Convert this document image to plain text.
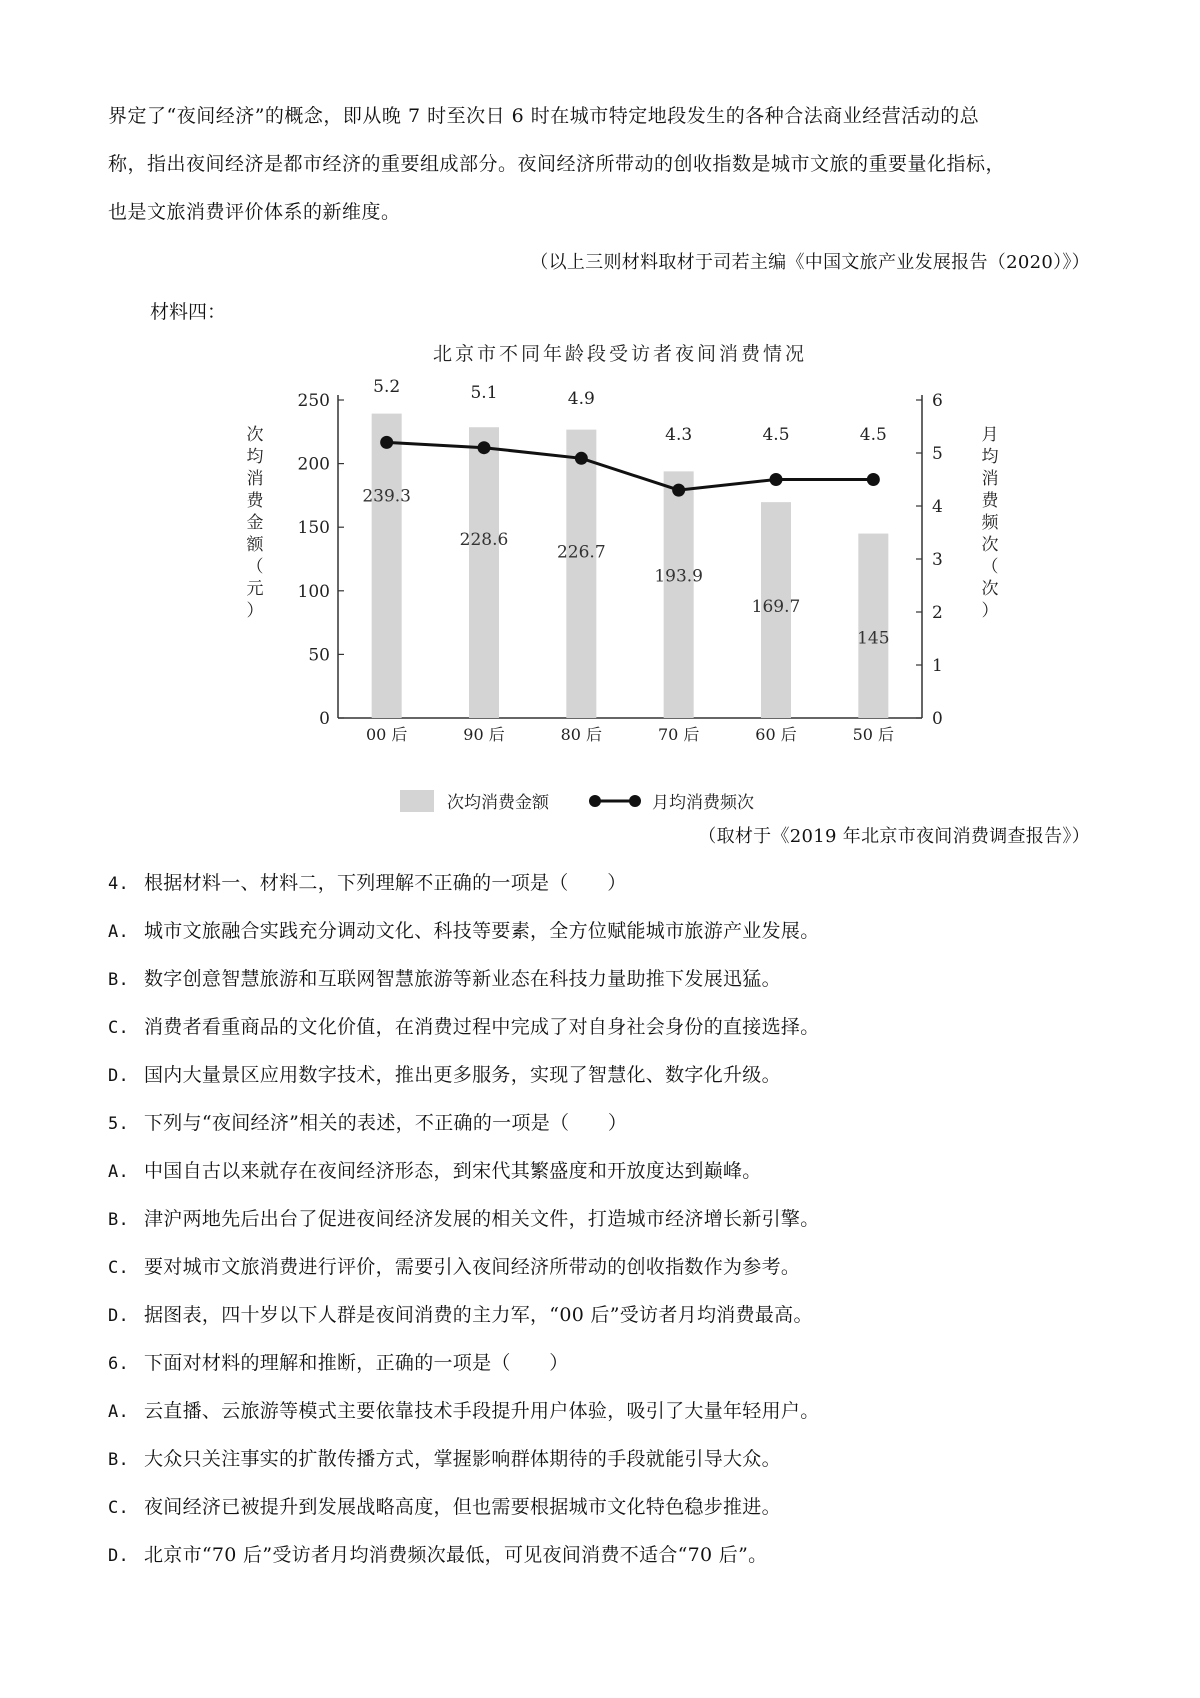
界定了“夜间经济”的概念，即从晚 7 时至次日 6 时在城市特定地段发生的各种合法商业经营活动的总
称，指出夜间经济是都市经济的重要组成部分。夜间经济所带动的创收指数是城市文旅的重要量化指标，
也是文旅消费评价体系的新维度。
（以上三则材料取材于司若主编《中国文旅产业发展报告（2020）》）
材料四：
北京市不同年龄段受访者夜间消费情况
次
均
消
费
金
额
（
元
）
月
均
消
费
频
次
（
次
）
0
50
100
150
200
250
0
1
2
3
4
5
6
00 后	90 后	80 后	70 后	60 后	50 后
239.3
228.6
226.7
193.9
169.7
145
5.2	5.1	4.9
4.3	4.5	4.5
次均消费金额	月均消费频次
（取材于《2019 年北京市夜间消费调查报告》）
4. 根据材料一、材料二，下列理解不正确的一项是（　　）
A. 城市文旅融合实践充分调动文化、科技等要素，全方位赋能城市旅游产业发展。
B. 数字创意智慧旅游和互联网智慧旅游等新业态在科技力量助推下发展迅猛。
C. 消费者看重商品的文化价值，在消费过程中完成了对自身社会身份的直接选择。
D. 国内大量景区应用数字技术，推出更多服务，实现了智慧化、数字化升级。
5. 下列与“夜间经济”相关的表述，不正确的一项是（　　）
A. 中国自古以来就存在夜间经济形态，到宋代其繁盛度和开放度达到巅峰。
B. 津沪两地先后出台了促进夜间经济发展的相关文件，打造城市经济增长新引擎。
C. 要对城市文旅消费进行评价，需要引入夜间经济所带动的创收指数作为参考。
D. 据图表，四十岁以下人群是夜间消费的主力军，“00 后”受访者月均消费最高。
6. 下面对材料的理解和推断，正确的一项是（　　）
A. 云直播、云旅游等模式主要依靠技术手段提升用户体验，吸引了大量年轻用户。
B. 大众只关注事实的扩散传播方式，掌握影响群体期待的手段就能引导大众。
C. 夜间经济已被提升到发展战略高度，但也需要根据城市文化特色稳步推进。
D. 北京市“70 后”受访者月均消费频次最低，可见夜间消费不适合“70 后”。
